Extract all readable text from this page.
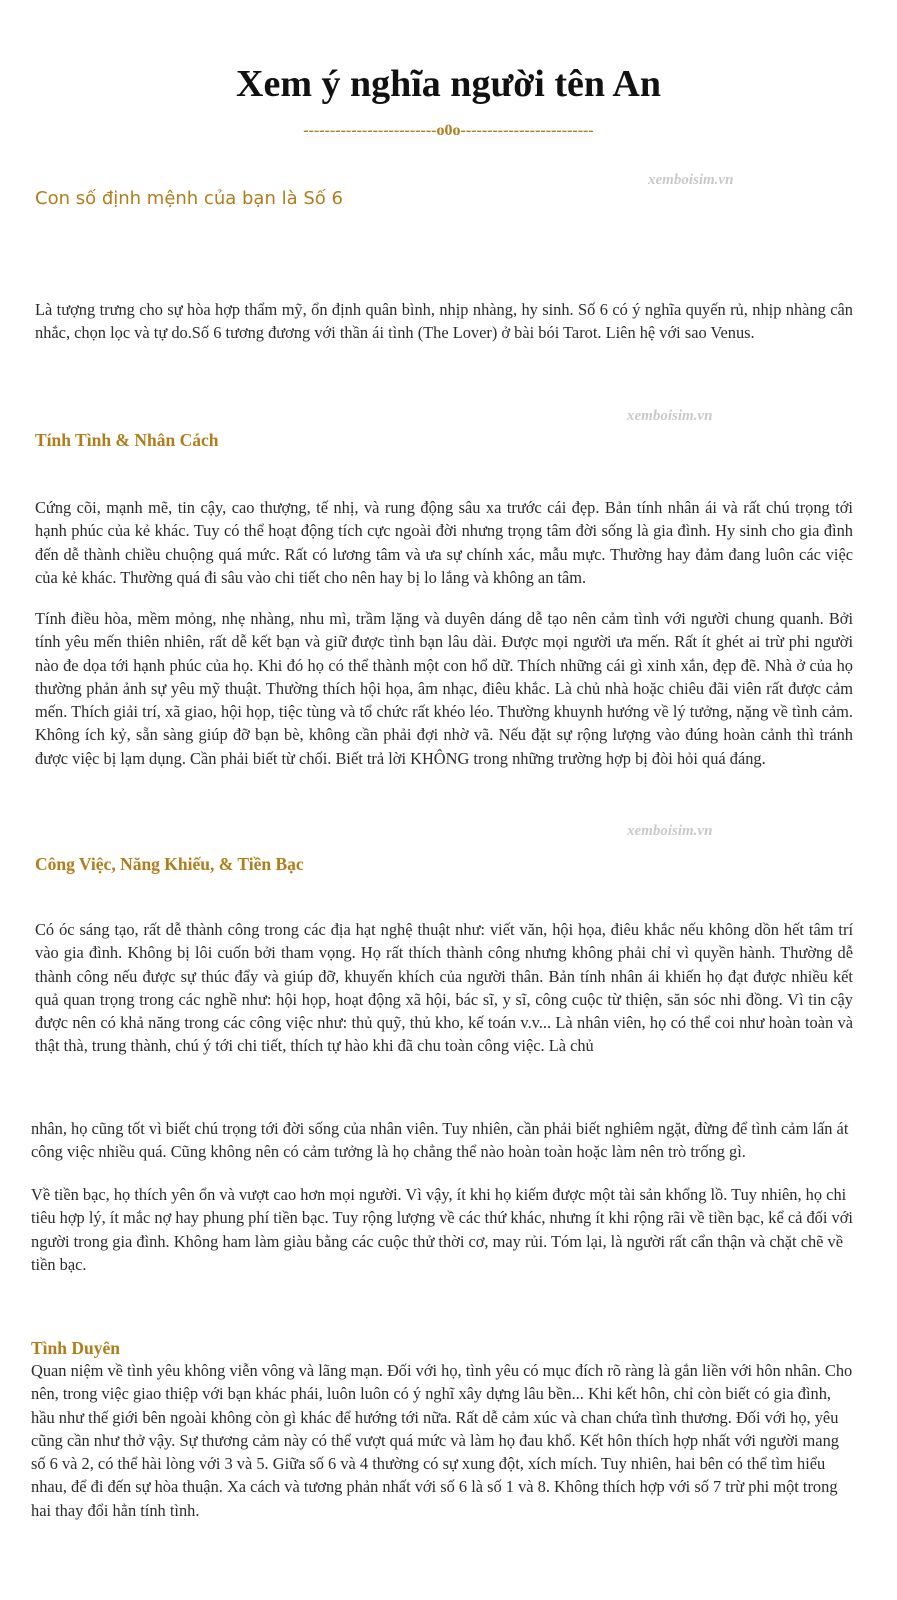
Xem ý nghĩa người tên An
-------------------------o0o-------------------------
xemboisim.vn
Con số định mệnh của bạn là Số 6

Là tượng trưng cho sự hòa hợp thẩm mỹ, ổn định quân bình, nhịp nhàng, hy sinh. Số 6 có ý nghĩa quyến rủ, nhịp nhàng cân nhắc, chọn lọc và tự do.Số 6 tương đương với thần ái tình (The Lover) ở bài bói Tarot. Liên hệ với sao Venus.

xemboisim.vn
Tính Tình & Nhân Cách

Cứng cõi, mạnh mẽ, tin cậy, cao thượng, tế nhị, và rung động sâu xa trước cái đẹp. Bản tính nhân ái và rất chú trọng tới hạnh phúc của kẻ khác. Tuy có thể hoạt động tích cực ngoài đời nhưng trọng tâm đời sống là gia đình. Hy sinh cho gia đình đến dễ thành chiều chuộng quá mức. Rất có lương tâm và ưa sự chính xác, mẫu mực. Thường hay đảm đang luôn các việc của kẻ khác. Thường quá đi sâu vào chi tiết cho nên hay bị lo lắng và không an tâm.

Tính điều hòa, mềm mỏng, nhẹ nhàng, nhu mì, trầm lặng và duyên dáng dễ tạo nên cảm tình với người chung quanh. Bởi tính yêu mến thiên nhiên, rất dễ kết bạn và giữ được tình bạn lâu dài. Được mọi người ưa mến. Rất ít ghét ai trừ phi người nào đe dọa tới hạnh phúc của họ. Khi đó họ có thể thành một con hổ dữ. Thích những cái gì xinh xắn, đẹp đẽ. Nhà ở của họ thường phản ảnh sự yêu mỹ thuật. Thường thích hội họa, âm nhạc, điêu khắc. Là chủ nhà hoặc chiêu đãi viên rất được cảm mến. Thích giải trí, xã giao, hội họp, tiệc tùng và tổ chức rất khéo léo. Thường khuynh hướng về lý tưởng, nặng về tình cảm. Không ích kỷ, sẵn sàng giúp đỡ bạn bè, không cần phải đợi nhờ vã. Nếu đặt sự rộng lượng vào đúng hoàn cảnh thì tránh được việc bị lạm dụng. Cần phải biết từ chối. Biết trả lời KHÔNG trong những trường hợp bị đòi hỏi quá đáng.

xemboisim.vn
Công Việc, Năng Khiếu, & Tiền Bạc

Có óc sáng tạo, rất dễ thành công trong các địa hạt nghệ thuật như: viết văn, hội họa, điêu khắc nếu không dồn hết tâm trí vào gia đình. Không bị lôi cuốn bởi tham vọng. Họ rất thích thành công nhưng không phải chỉ vì quyền hành. Thường dễ thành công nếu được sự thúc đẩy và giúp đỡ, khuyến khích của người thân. Bản tính nhân ái khiến họ đạt được nhiều kết quả quan trọng trong các nghề như: hội họp, hoạt động xã hội, bác sĩ, y sĩ, công cuộc từ thiện, săn sóc nhi đồng. Vì tin cậy được nên có khả năng trong các công việc như: thủ quỹ, thủ kho, kế toán v.v... Là nhân viên, họ có thể coi như hoàn toàn và thật thà, trung thành, chú ý tới chi tiết, thích tự hào khi đã chu toàn công việc. Là chủ

nhân, họ cũng tốt vì biết chú trọng tới đời sống của nhân viên. Tuy nhiên, cần phải biết nghiêm ngặt, đừng để tình cảm lấn át công việc nhiều quá. Cũng không nên có cảm tưởng là họ chẳng thể nào hoàn toàn hoặc làm nên trò trống gì.

Về tiền bạc, họ thích yên ổn và vượt cao hơn mọi người. Vì vậy, ít khi họ kiếm được một tài sản khổng lồ. Tuy nhiên, họ chi tiêu hợp lý, ít mắc nợ hay phung phí tiền bạc. Tuy rộng lượng về các thứ khác, nhưng ít khi rộng rãi về tiền bạc, kể cả đối với người trong gia đình. Không ham làm giàu bằng các cuộc thử thời cơ, may rủi. Tóm lại, là người rất cẩn thận và chặt chẽ về tiền bạc.

Tình Duyên

Quan niệm về tình yêu không viễn vông và lãng mạn. Đối với họ, tình yêu có mục đích rõ ràng là gắn liền với hôn nhân. Cho nên, trong việc giao thiệp với bạn khác phái, luôn luôn có ý nghĩ xây dựng lâu bền... Khi kết hôn, chỉ còn biết có gia đình, hầu như thế giới bên ngoài không còn gì khác để hướng tới nữa. Rất dễ cảm xúc và chan chứa tình thương. Đối với họ, yêu cũng cần như thở vậy. Sự thương cảm này có thể vượt quá mức và làm họ đau khổ. Kết hôn thích hợp nhất với người mang số 6 và 2, có thể hài lòng với 3 và 5. Giữa số 6 và 4 thường có sự xung đột, xích mích. Tuy nhiên, hai bên có thể tìm hiểu nhau, để đi đến sự hòa thuận. Xa cách và tương phản nhất với số 6 là số 1 và 8. Không thích hợp với số 7 trừ phi một trong hai thay đổi hẳn tính tình.
